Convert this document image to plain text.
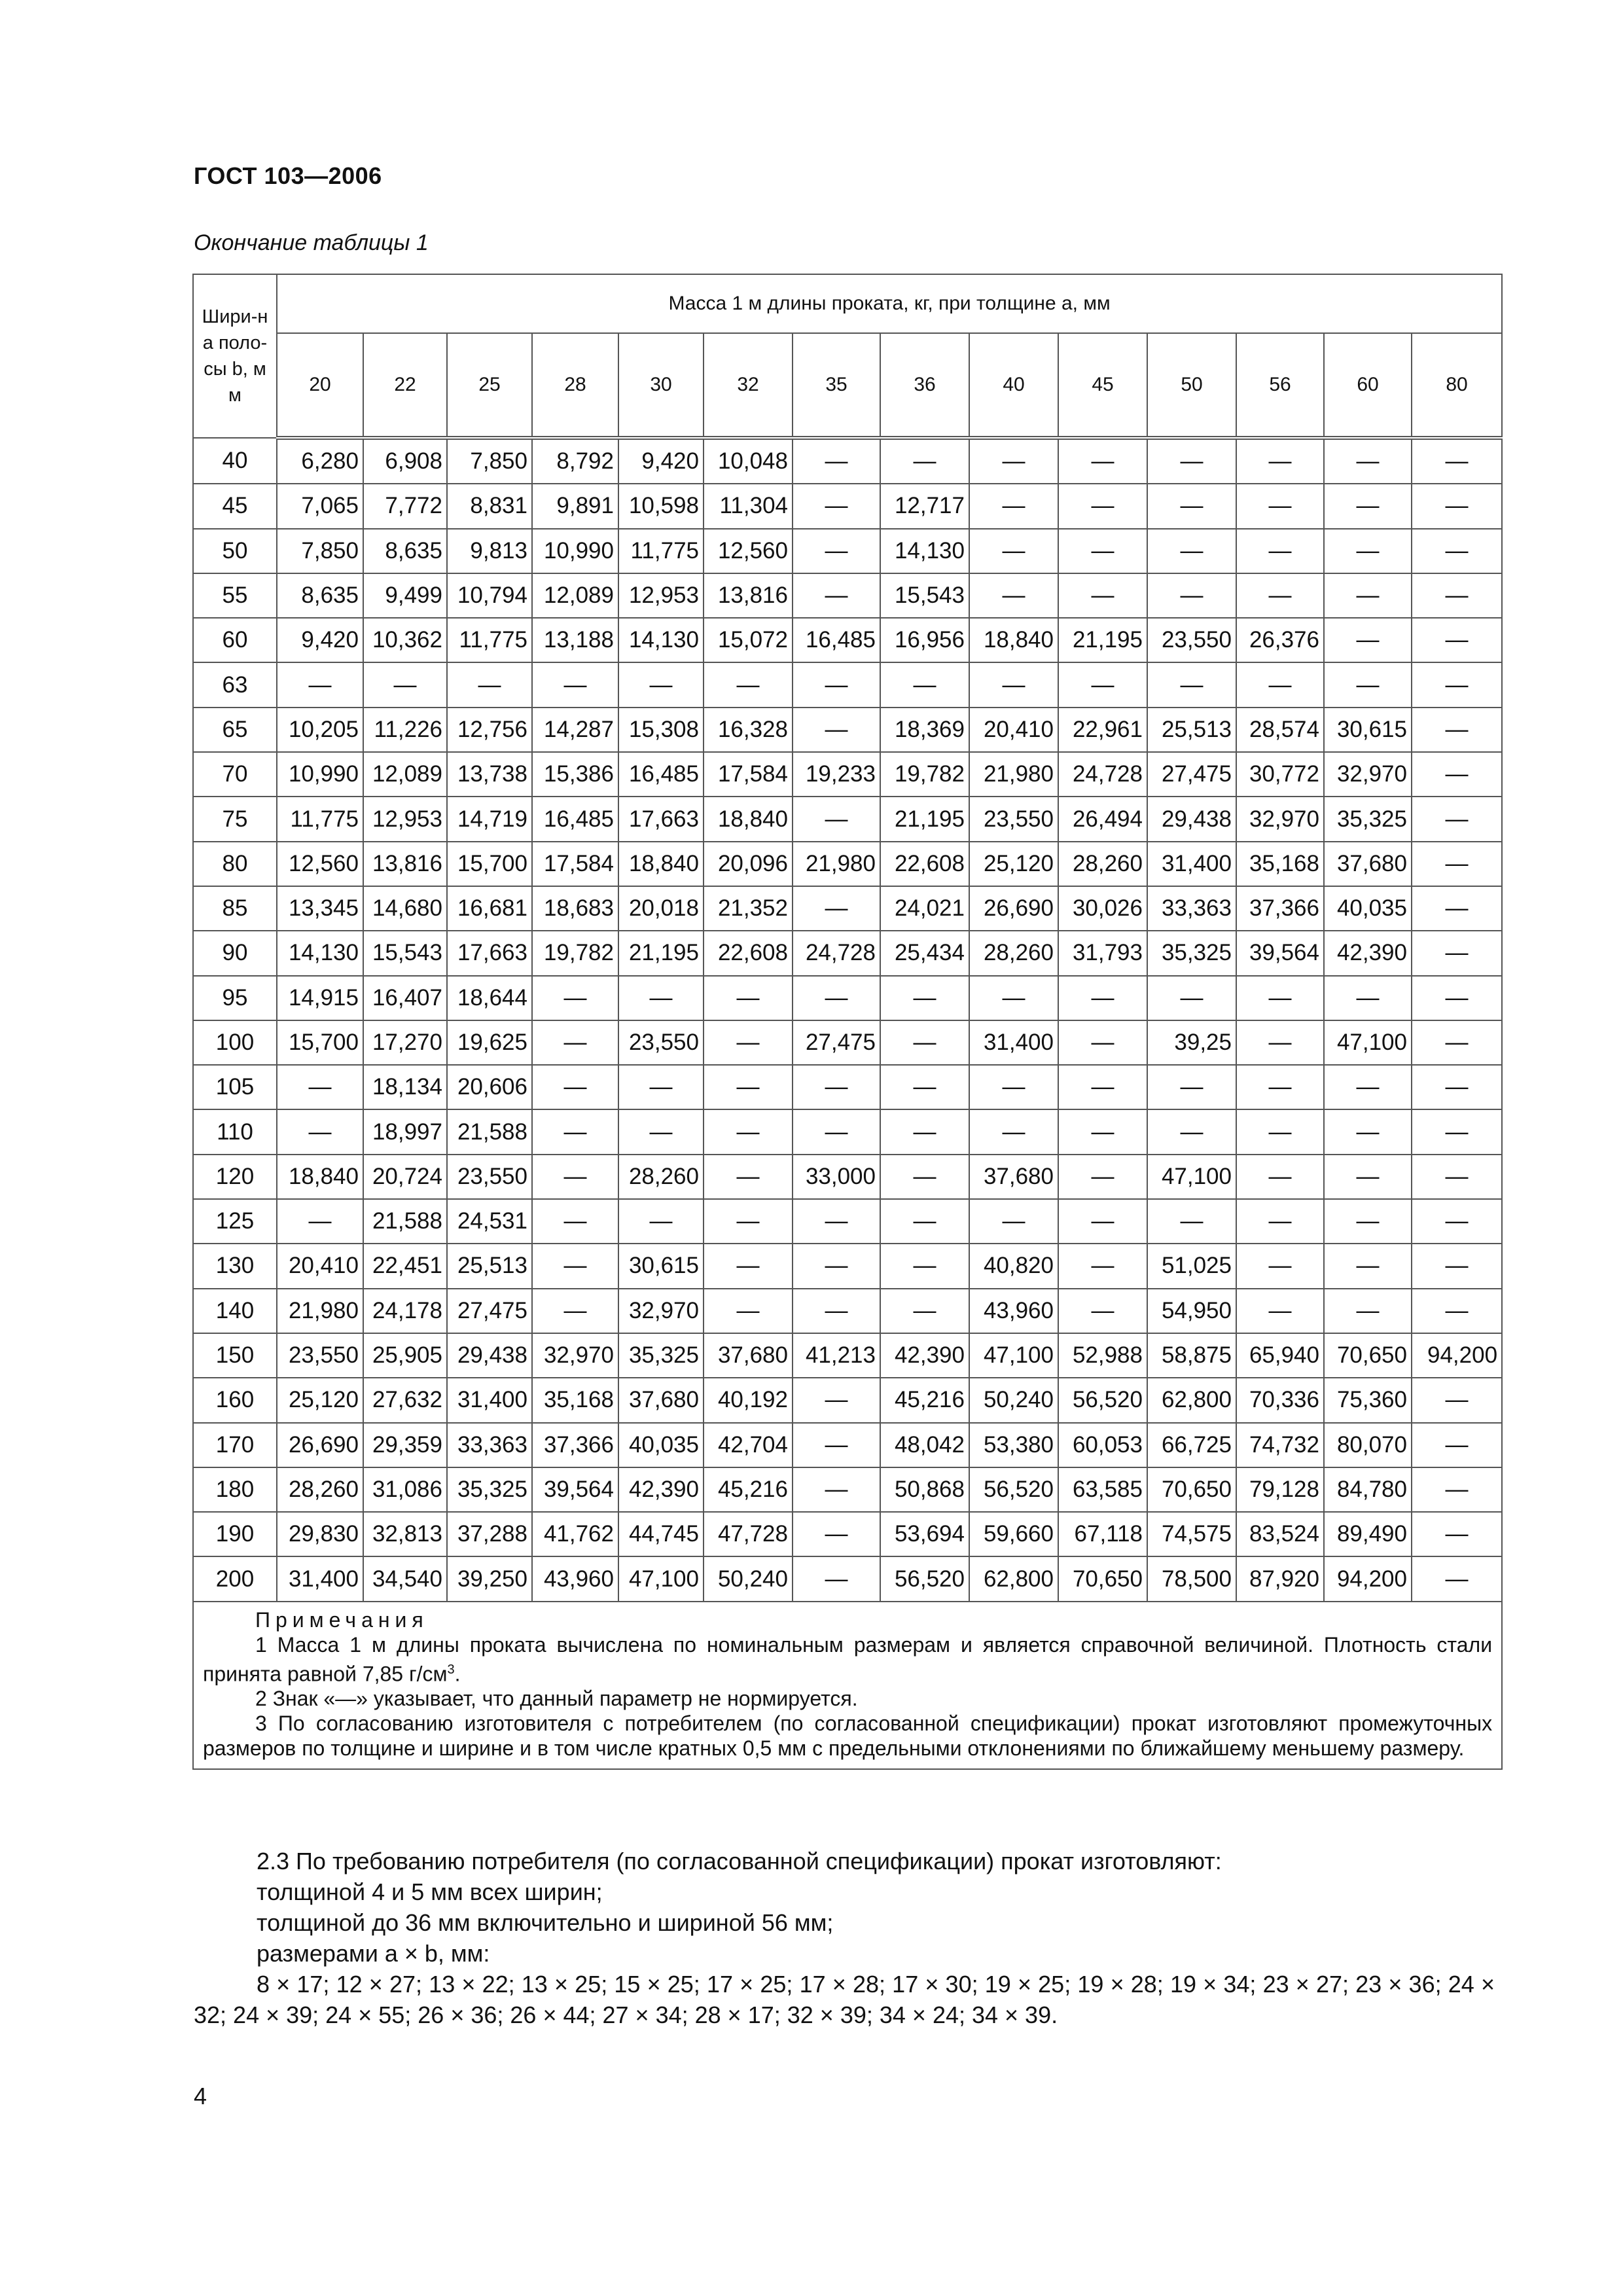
ГОСТ 103—2006
Окончание таблицы 1
Шири-на поло-сы b, мм	Масса 1 м длины проката, кг, при толщине a, мм													
	20	22	25	28	30	32	35	36	40	45	50	56	60	80
40	6,280	6,908	7,850	8,792	9,420	10,048	—	—	—	—	—	—	—	—
45	7,065	7,772	8,831	9,891	10,598	11,304	—	12,717	—	—	—	—	—	—
50	7,850	8,635	9,813	10,990	11,775	12,560	—	14,130	—	—	—	—	—	—
55	8,635	9,499	10,794	12,089	12,953	13,816	—	15,543	—	—	—	—	—	—
60	9,420	10,362	11,775	13,188	14,130	15,072	16,485	16,956	18,840	21,195	23,550	26,376	—	—
63	—	—	—	—	—	—	—	—	—	—	—	—	—	—
65	10,205	11,226	12,756	14,287	15,308	16,328	—	18,369	20,410	22,961	25,513	28,574	30,615	—
70	10,990	12,089	13,738	15,386	16,485	17,584	19,233	19,782	21,980	24,728	27,475	30,772	32,970	—
75	11,775	12,953	14,719	16,485	17,663	18,840	—	21,195	23,550	26,494	29,438	32,970	35,325	—
80	12,560	13,816	15,700	17,584	18,840	20,096	21,980	22,608	25,120	28,260	31,400	35,168	37,680	—
85	13,345	14,680	16,681	18,683	20,018	21,352	—	24,021	26,690	30,026	33,363	37,366	40,035	—
90	14,130	15,543	17,663	19,782	21,195	22,608	24,728	25,434	28,260	31,793	35,325	39,564	42,390	—
95	14,915	16,407	18,644	—	—	—	—	—	—	—	—	—	—	—
100	15,700	17,270	19,625	—	23,550	—	27,475	—	31,400	—	39,25	—	47,100	—
105	—	18,134	20,606	—	—	—	—	—	—	—	—	—	—	—
110	—	18,997	21,588	—	—	—	—	—	—	—	—	—	—	—
120	18,840	20,724	23,550	—	28,260	—	33,000	—	37,680	—	47,100	—	—	—
125	—	21,588	24,531	—	—	—	—	—	—	—	—	—	—	—
130	20,410	22,451	25,513	—	30,615	—	—	—	40,820	—	51,025	—	—	—
140	21,980	24,178	27,475	—	32,970	—	—	—	43,960	—	54,950	—	—	—
150	23,550	25,905	29,438	32,970	35,325	37,680	41,213	42,390	47,100	52,988	58,875	65,940	70,650	94,200
160	25,120	27,632	31,400	35,168	37,680	40,192	—	45,216	50,240	56,520	62,800	70,336	75,360	—
170	26,690	29,359	33,363	37,366	40,035	42,704	—	48,042	53,380	60,053	66,725	74,732	80,070	—
180	28,260	31,086	35,325	39,564	42,390	45,216	—	50,868	56,520	63,585	70,650	79,128	84,780	—
190	29,830	32,813	37,288	41,762	44,745	47,728	—	53,694	59,660	67,118	74,575	83,524	89,490	—
200	31,400	34,540	39,250	43,960	47,100	50,240	—	56,520	62,800	70,650	78,500	87,920	94,200	—

Примечания

1 Масса 1 м длины проката вычислена по номинальным размерам и является справочной величиной. Плотность стали принята равной 7,85 $г/см^3$.

2 Знак «—» указывает, что данный параметр не нормируется.

3 По согласованию изготовителя с потребителем (по согласованной спецификации) прокат изготовляют промежуточных размеров по толщине и ширине и в том числе кратных 0,5 мм с предельными отклонениями по ближайшему меньшему размеру.														

2.3 По требованию потребителя (по согласованной спецификации) прокат изготовляют:

толщиной 4 и 5 мм всех ширин;

толщиной до 36 мм включительно и шириной 56 мм;

размерами a × b, мм:

8 × 17; 12 × 27; 13 × 22; 13 × 25; 15 × 25; 17 × 25; 17 × 28; 17 × 30; 19 × 25; 19 × 28; 19 × 34; 23 × 27; 23 × 36; 24 × 32; 24 × 39; 24 × 55; 26 × 36; 26 × 44; 27 × 34; 28 × 17; 32 × 39; 34 × 24; 34 × 39.

4
